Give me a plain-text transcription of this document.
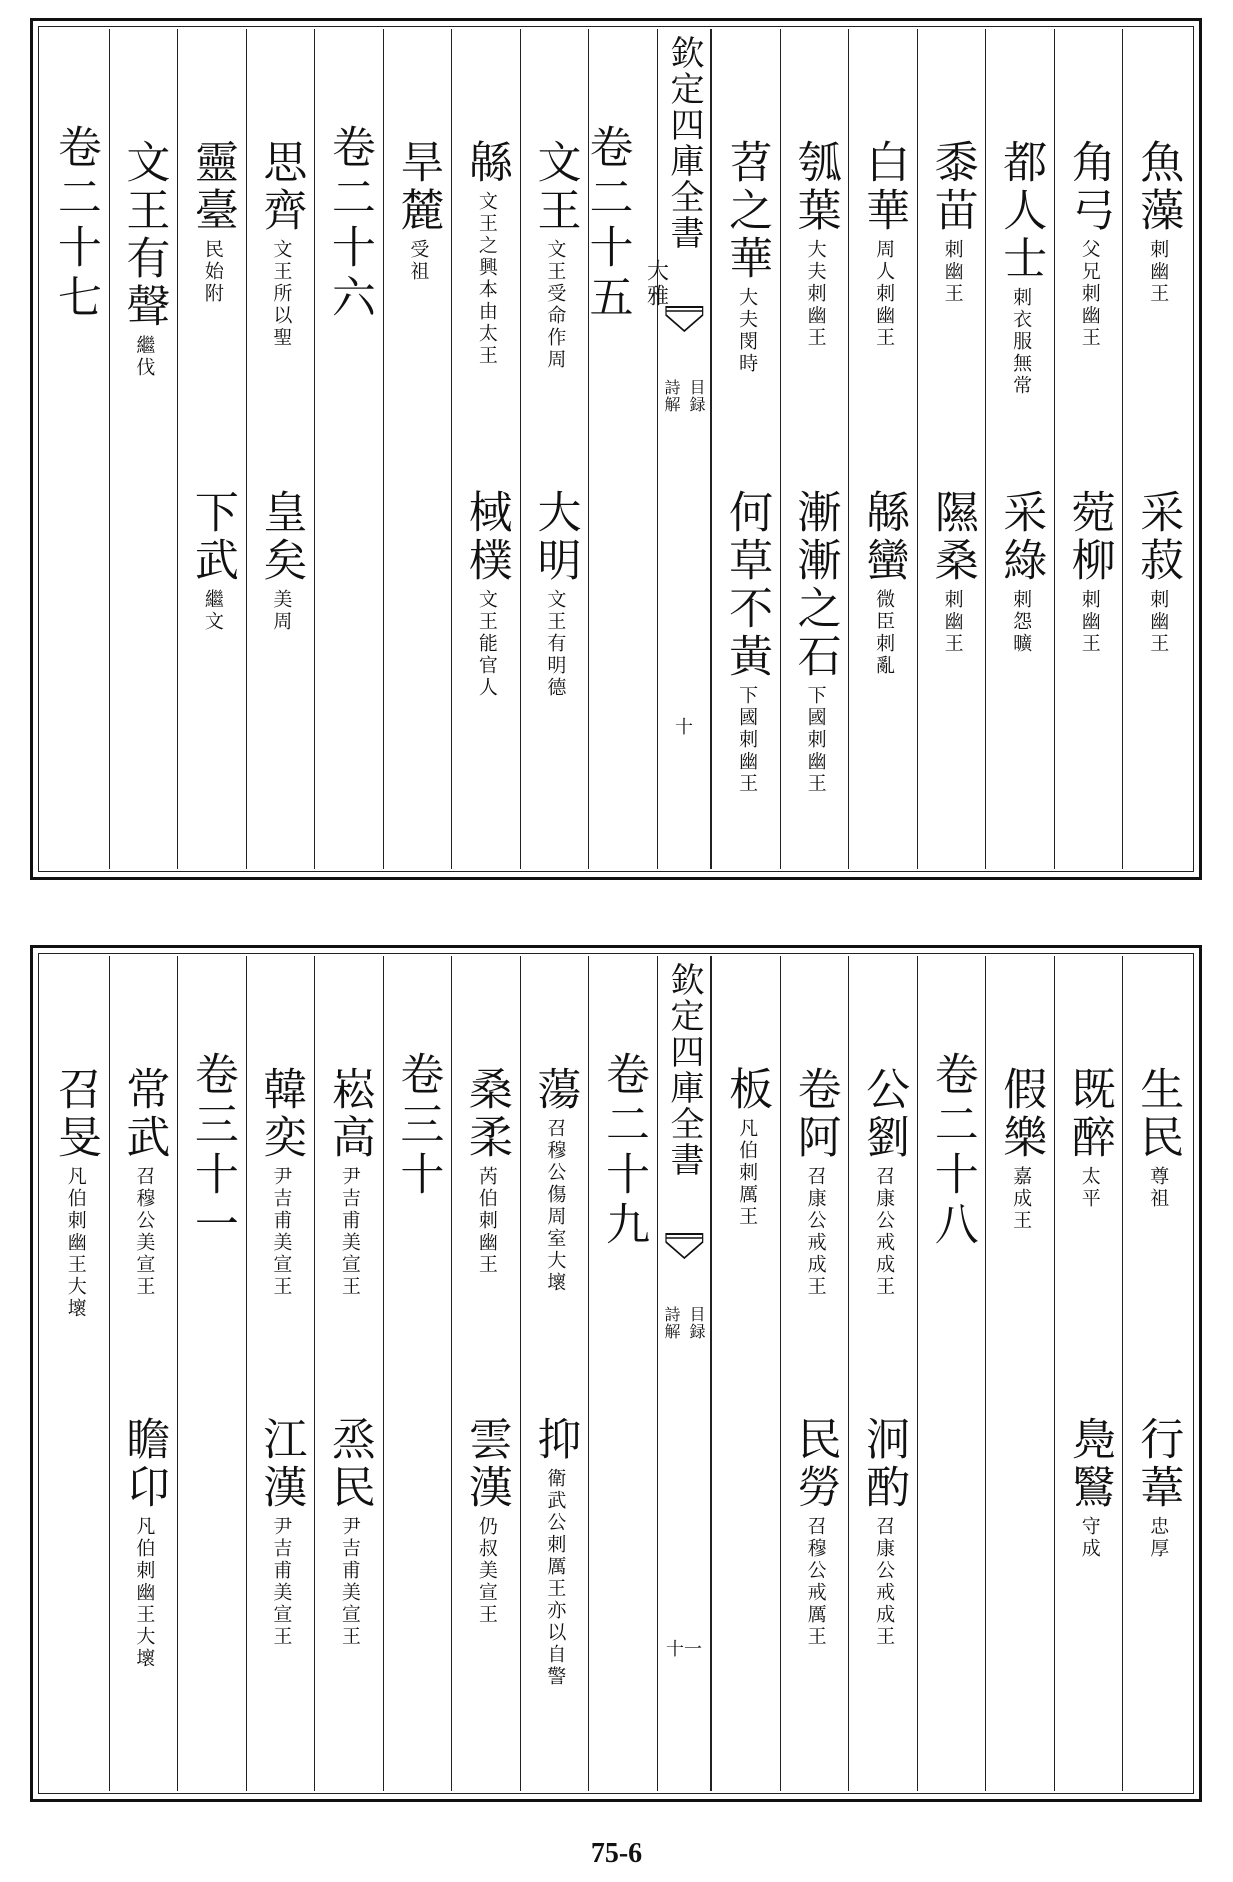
魚藻
刺幽王
采菽
刺幽王
角弓
父兄刺幽王
菀柳
刺幽王
都人士
刺衣服無常
采綠
刺怨曠
黍苗
刺幽王
隰桑
刺幽王
白華
周人刺幽王
緜蠻
微臣刺亂
瓠葉
大夫刺幽王
漸漸之石
下國刺幽王
苕之華
大夫閔時
何草不黃
下國刺幽王
欽定四庫全書
詩解 目録
十
卷二十五 大雅
文王
文王受命作周
大明
文王有明德
緜
文王之興本由太王
棫樸
文王能官人
旱麓
受祖
卷二十六
思齊
文王所以聖
皇矣
美周
靈臺
民始附
下武
繼文
文王有聲
繼伐
卷二十七
生民
尊祖
行葦
忠厚
既醉
太平
鳧鷖
守成
假樂
嘉成王
卷二十八
公劉
召康公戒成王
泂酌
召康公戒成王
卷阿
召康公戒成王
民勞
召穆公戒厲王
板
凡伯刺厲王
欽定四庫全書
詩解 目録
十一
卷二十九
蕩
召穆公傷周室大壞
抑
衛武公刺厲王亦以自警
桑柔
芮伯刺幽王
雲漢
仍叔美宣王
卷三十
崧高
尹吉甫美宣王
烝民
尹吉甫美宣王
韓奕
尹吉甫美宣王
江漢
尹吉甫美宣王
卷三十一
常武
召穆公美宣王
瞻卬
凡伯刺幽王大壞
召旻
凡伯刺幽王大壞
75-6
